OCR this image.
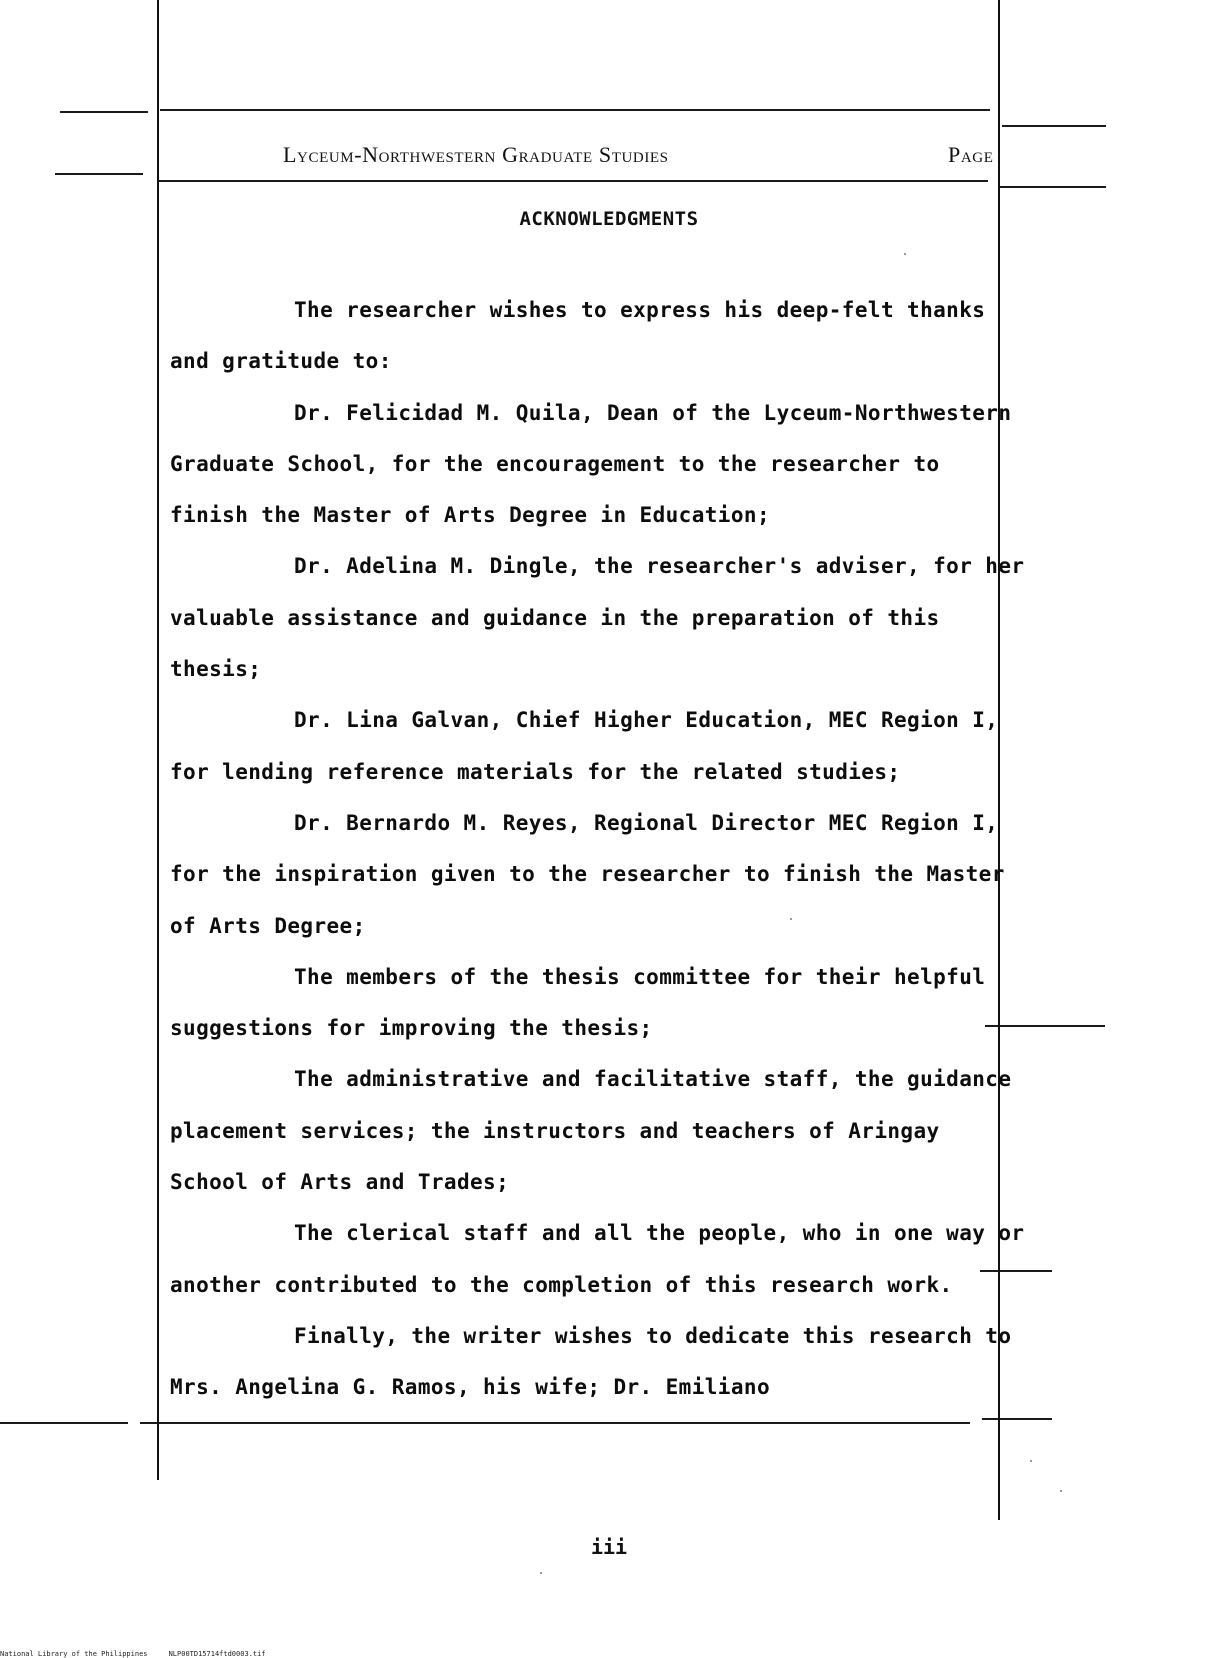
Lyceum-Northwestern Graduate Studies	Page
ACKNOWLEDGMENTS

The researcher wishes to express his deep-felt thanks and gratitude to:

Dr. Felicidad M. Quila, Dean of the Lyceum-Northwestern Graduate School, for the encouragement to the researcher to finish the Master of Arts Degree in Education;

Dr. Adelina M. Dingle, the researcher's adviser, for her valuable assistance and guidance in the preparation of this thesis;

Dr. Lina Galvan, Chief Higher Education, MEC Region I, for lending reference materials for the related studies;

Dr. Bernardo M. Reyes, Regional Director MEC Region I, for the inspiration given to the researcher to finish the Master of Arts Degree;

The members of the thesis committee for their helpful suggestions for improving the thesis;

The administrative and facilitative staff, the guidance placement services; the instructors and teachers of Aringay School of Arts and Trades;

The clerical staff and all the people, who in one way or another contributed to the completion of this research work.

Finally, the writer wishes to dedicate this research to Mrs. Angelina G. Ramos, his wife; Dr. Emiliano

iii
National Library of the Philippines	NLP00TD15714ftd0003.tif
